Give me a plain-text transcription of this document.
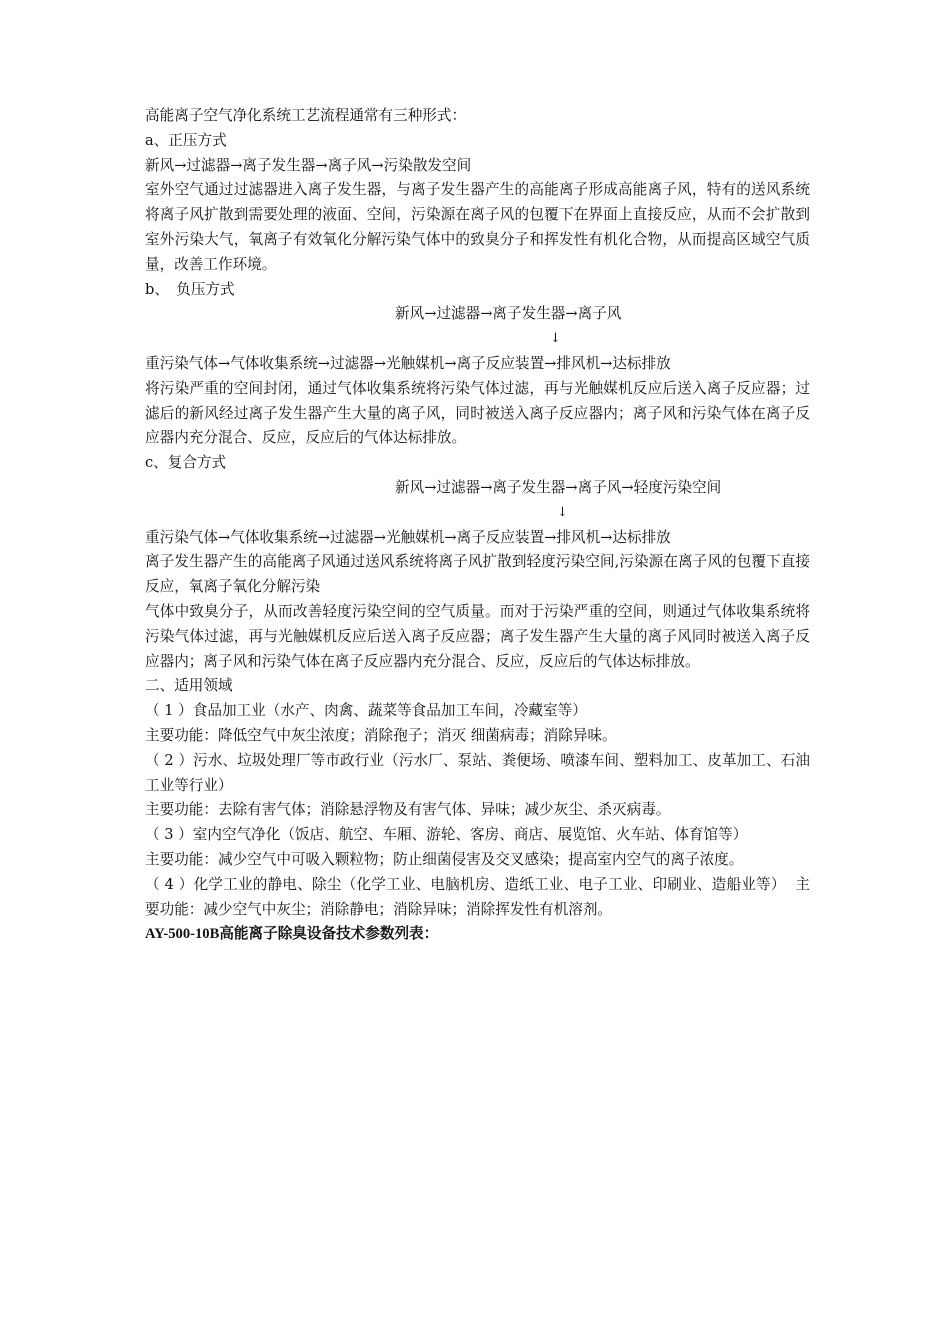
高能离子空气净化系统工艺流程通常有三种形式：
a、正压方式
新风→过滤器→离子发生器→离子风→污染散发空间
室外空气通过过滤器进入离子发生器，与离子发生器产生的高能离子形成高能离子风，特有的送风系统将离子风扩散到需要处理的液面、空间，污染源在离子风的包覆下在界面上直接反应，从而不会扩散到室外污染大气，氧离子有效氧化分解污染气体中的致臭分子和挥发性有机化合物，从而提高区域空气质量，改善工作环境。
b、　负压方式
新风→过滤器→离子发生器→离子风
↓
重污染气体→气体收集系统→过滤器→光触媒机→离子反应装置→排风机→达标排放
将污染严重的空间封闭，通过气体收集系统将污染气体过滤，再与光触媒机反应后送入离子反应器；过滤后的新风经过离子发生器产生大量的离子风，同时被送入离子反应器内；离子风和污染气体在离子反应器内充分混合、反应，反应后的气体达标排放。
c、复合方式
新风→过滤器→离子发生器→离子风→轻度污染空间
↓
重污染气体→气体收集系统→过滤器→光触媒机→离子反应装置→排风机→达标排放
离子发生器产生的高能离子风通过送风系统将离子风扩散到轻度污染空间,污染源在离子风的包覆下直接反应，氧离子氧化分解污染
气体中致臭分子，从而改善轻度污染空间的空气质量。而对于污染严重的空间，则通过气体收集系统将污染气体过滤，再与光触媒机反应后送入离子反应器；离子发生器产生大量的离子风同时被送入离子反应器内；离子风和污染气体在离子反应器内充分混合、反应，反应后的气体达标排放。
二、适用领域
（ 1 ）食品加工业（水产、肉禽、蔬菜等食品加工车间，冷藏室等）
主要功能：降低空气中灰尘浓度；消除孢子；消灭 细菌病毒；消除异味。
（ 2 ）污水、垃圾处理厂等市政行业（污水厂、泵站、粪便场、喷漆车间、塑料加工、皮革加工、石油工业等行业）
主要功能：去除有害气体；消除悬浮物及有害气体、异味；减少灰尘、杀灭病毒。
（ 3 ）室内空气净化（饭店、航空、车厢、游轮、客房、商店、展览馆、火车站、体育馆等）
主要功能：减少空气中可吸入颗粒物；防止细菌侵害及交叉感染；提高室内空气的离子浓度。
（ 4 ）化学工业的静电、除尘（化学工业、电脑机房、造纸工业、电子工业、印刷业、造船业等） 主要功能：减少空气中灰尘；消除静电；消除异味；消除挥发性有机溶剂。
AY-500-10B高能离子除臭设备技术参数列表：
